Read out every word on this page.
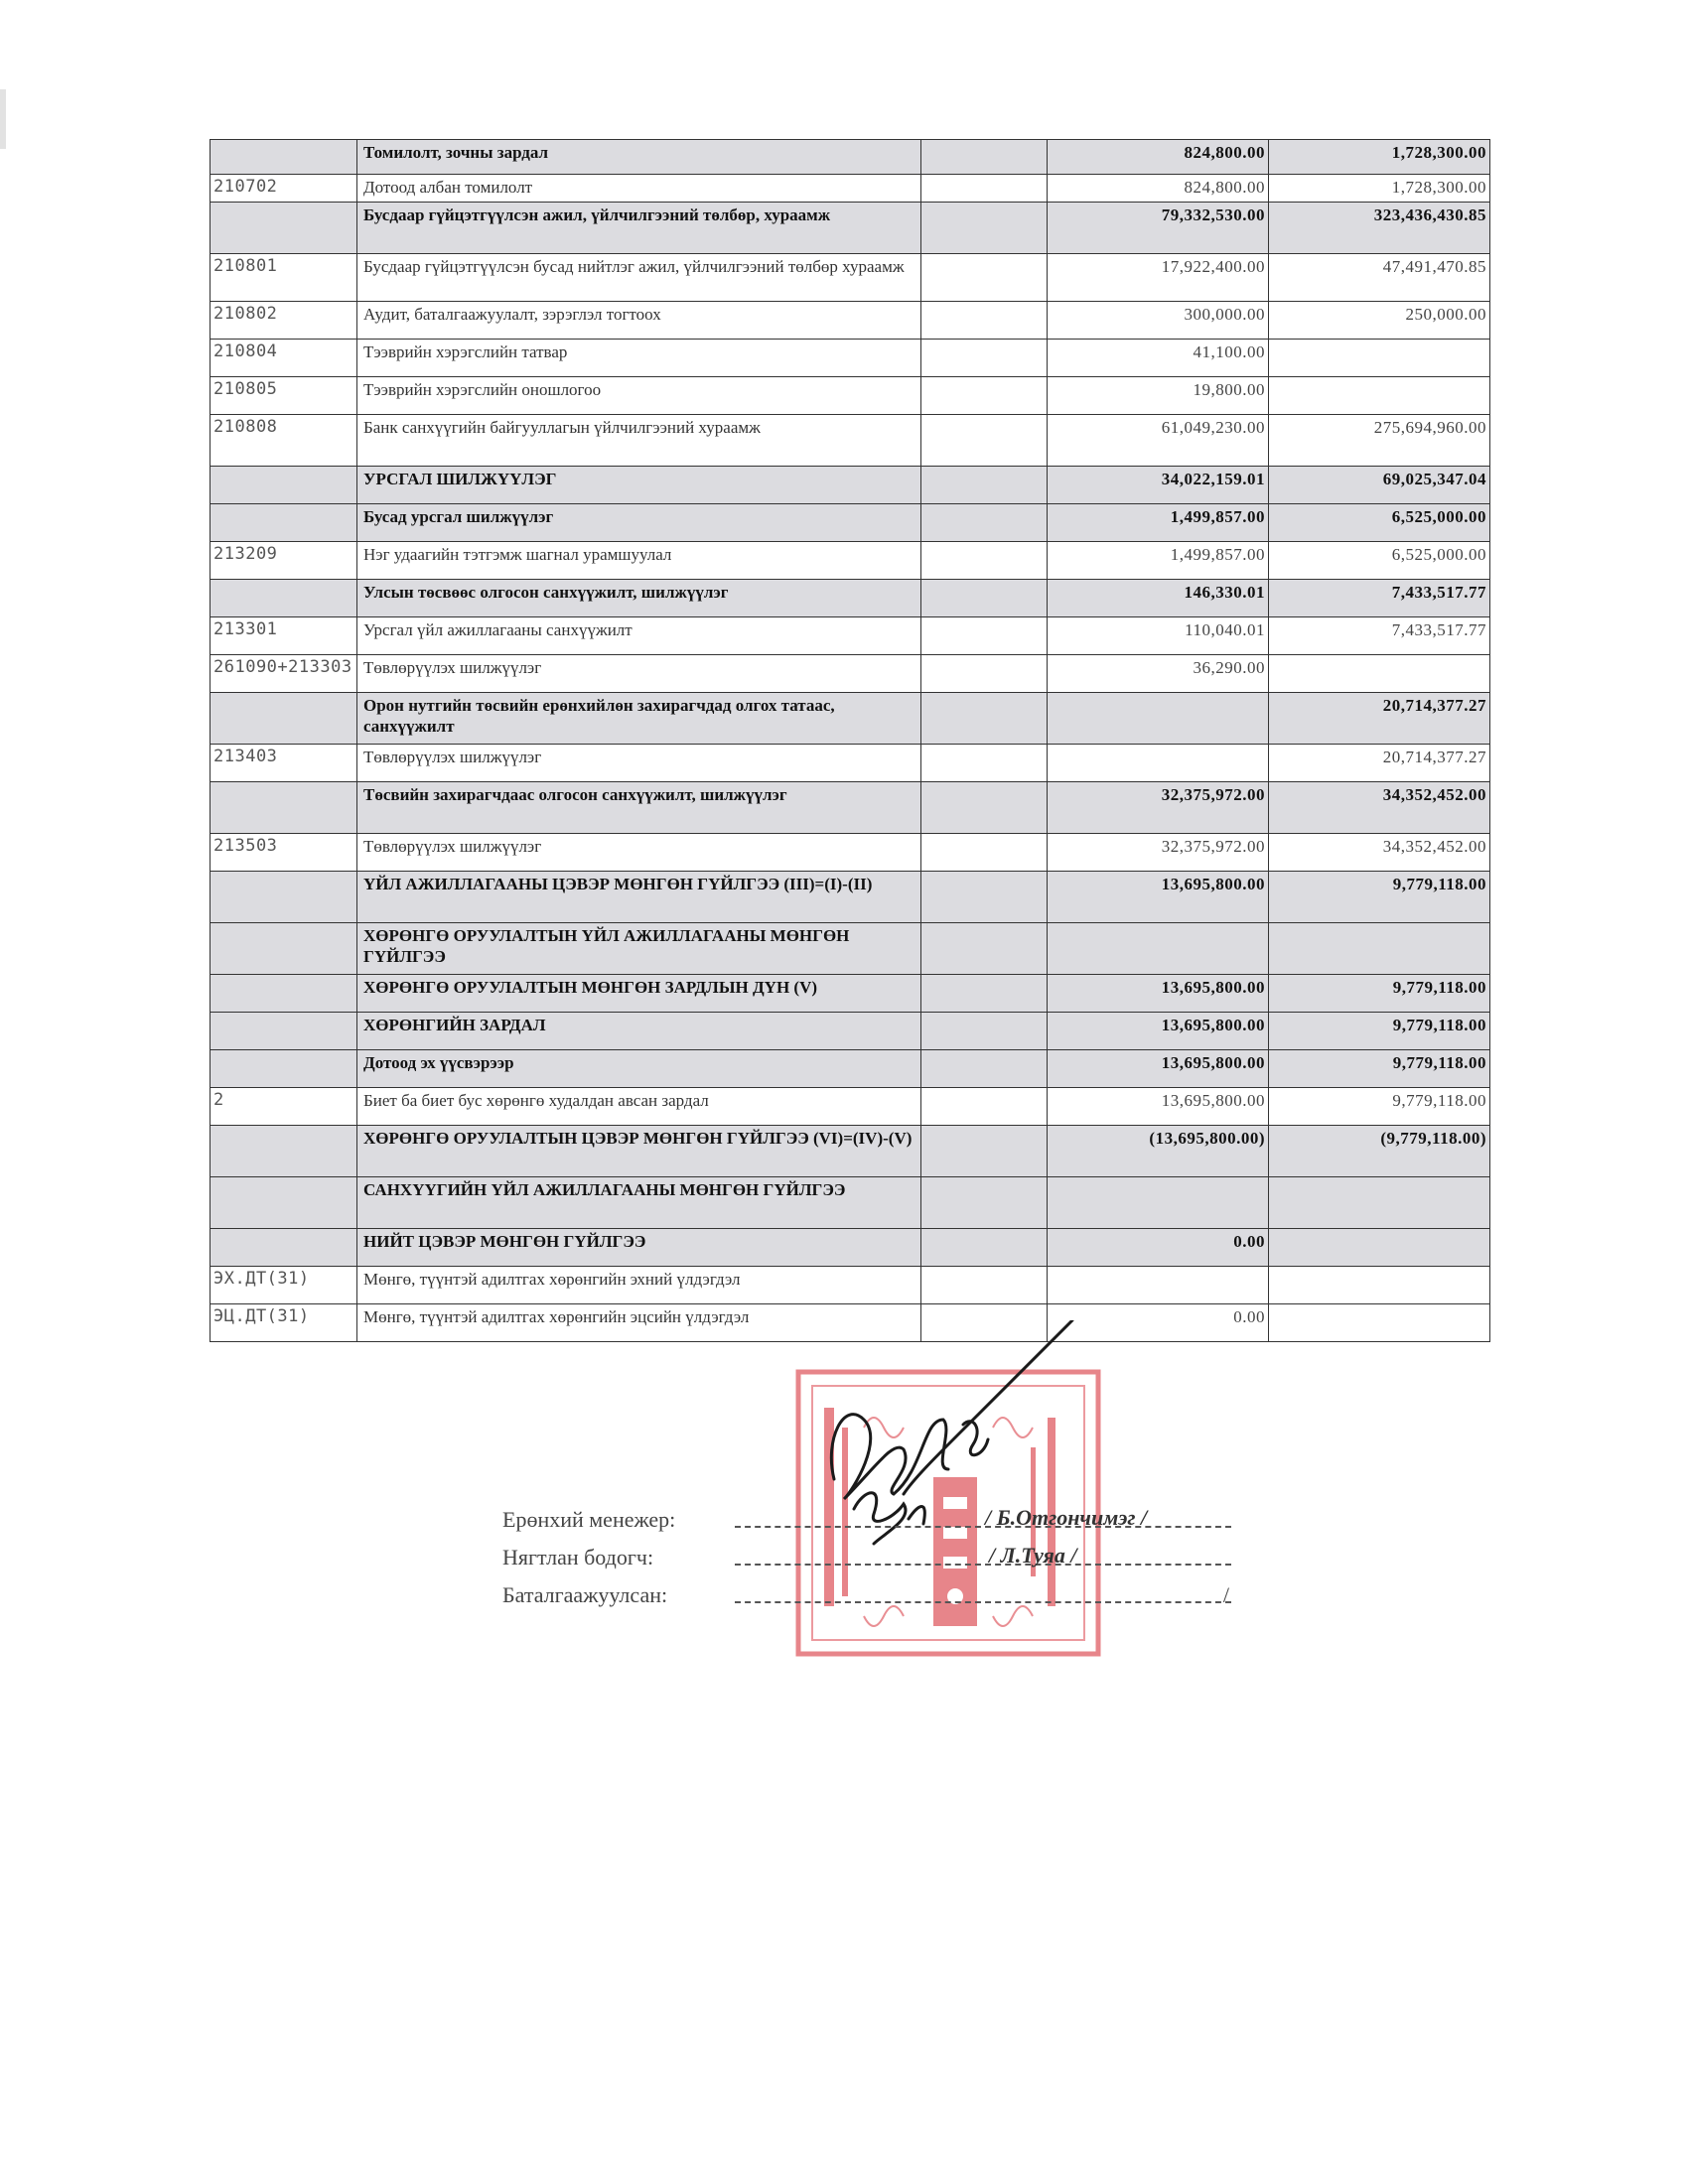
	Томилолт, зочны зардал		824,800.00	1,728,300.00
210702	Дотоод албан томилолт		824,800.00	1,728,300.00
	Бусдаар гүйцэтгүүлсэн ажил, үйлчилгээний төлбөр, хураамж		79,332,530.00	323,436,430.85
210801	Бусдаар гүйцэтгүүлсэн бусад нийтлэг ажил, үйлчилгээний төлбөр хураамж		17,922,400.00	47,491,470.85
210802	Аудит, баталгаажуулалт, зэрэглэл тогтоох		300,000.00	250,000.00
210804	Тээврийн хэрэгслийн татвар		41,100.00	
210805	Тээврийн хэрэгслийн оношлогоо		19,800.00	
210808	Банк санхүүгийн байгууллагын үйлчилгээний хураамж		61,049,230.00	275,694,960.00
	УРСГАЛ ШИЛЖҮҮЛЭГ		34,022,159.01	69,025,347.04
	Бусад урсгал шилжүүлэг		1,499,857.00	6,525,000.00
213209	Нэг удаагийн тэтгэмж шагнал урамшуулал		1,499,857.00	6,525,000.00
	Улсын төсвөөс олгосон санхүүжилт, шилжүүлэг		146,330.01	7,433,517.77
213301	Урсгал үйл ажиллагааны санхүүжилт		110,040.01	7,433,517.77
261090+213303	Төвлөрүүлэх шилжүүлэг		36,290.00	
	Орон нутгийн төсвийн ерөнхийлөн захирагчдад олгох татаас, санхүүжилт			20,714,377.27
213403	Төвлөрүүлэх шилжүүлэг			20,714,377.27
	Төсвийн захирагчдаас олгосон санхүүжилт, шилжүүлэг		32,375,972.00	34,352,452.00
213503	Төвлөрүүлэх шилжүүлэг		32,375,972.00	34,352,452.00
	ҮЙЛ АЖИЛЛАГААНЫ ЦЭВЭР МӨНГӨН ГҮЙЛГЭЭ (III)=(I)-(II)		13,695,800.00	9,779,118.00
	ХӨРӨНГӨ ОРУУЛАЛТЫН ҮЙЛ АЖИЛЛАГААНЫ МӨНГӨН ГҮЙЛГЭЭ			
	ХӨРӨНГӨ ОРУУЛАЛТЫН МӨНГӨН ЗАРДЛЫН ДҮН (V)		13,695,800.00	9,779,118.00
	ХӨРӨНГИЙН ЗАРДАЛ		13,695,800.00	9,779,118.00
	Дотоод эх үүсвэрээр		13,695,800.00	9,779,118.00
2	Биет ба биет бус хөрөнгө худалдан авсан зардал		13,695,800.00	9,779,118.00
	ХӨРӨНГӨ ОРУУЛАЛТЫН ЦЭВЭР МӨНГӨН ГҮЙЛГЭЭ (VI)=(IV)-(V)		(13,695,800.00)	(9,779,118.00)
	САНХҮҮГИЙН ҮЙЛ АЖИЛЛАГААНЫ МӨНГӨН ГҮЙЛГЭЭ			
	НИЙТ ЦЭВЭР МӨНГӨН ГҮЙЛГЭЭ		0.00	
ЭХ.ДТ(31)	Мөнгө, түүнтэй адилтгах хөрөнгийн эхний үлдэгдэл			
ЭЦ.ДТ(31)	Мөнгө, түүнтэй адилтгах хөрөнгийн эцсийн үлдэгдэл		0.00	
Ерөнхий менежер:	/ Б.Отгончимэг /
Нягтлан бодогч:	/ Л.Туяа /
Баталгаажуулсан:	/
